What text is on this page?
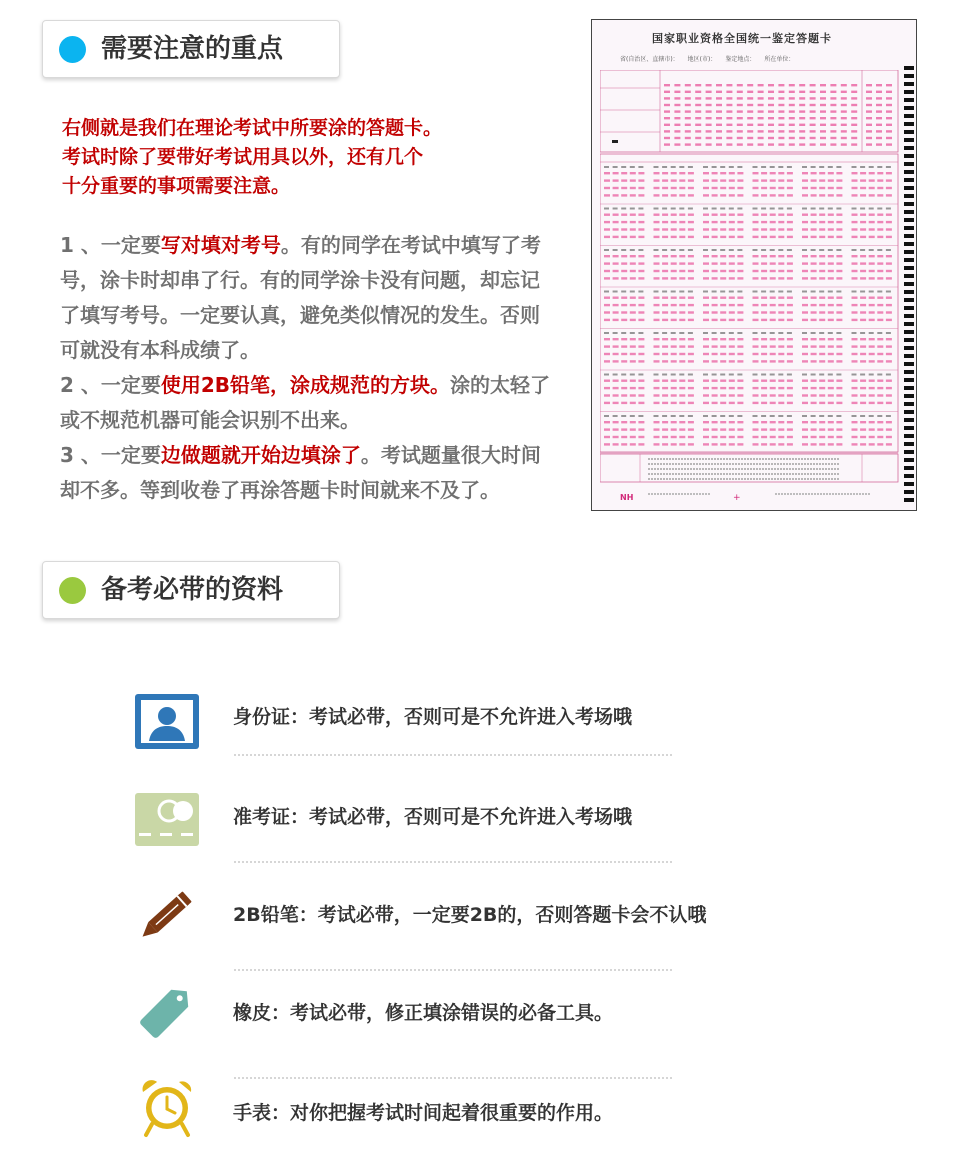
需要注意的重点
右侧就是我们在理论考试中所要涂的答题卡。
考试时除了要带好考试用具以外，还有几个
十分重要的事项需要注意。

1 、一定要写对填对考号。有的同学在考试中填写了考号，涂卡时却串了行。有的同学涂卡没有问题，却忘记了填写考号。一定要认真，避免类似情况的发生。否则可就没有本科成绩了。

2 、一定要使用2B铅笔，涂成规范的方块。涂的太轻了或不规范机器可能会识别不出来。

3 、一定要边做题就开始边填涂了。考试题量很大时间却不多。等到收卷了再涂答题卡时间就来不及了。

国家职业资格全国统一鉴定答题卡
省(自治区、直辖市)：　　地区(市)：　　鉴定地点：　　所在单位：
NH	+
备考必带的资料
身份证：考试必带，否则可是不允许进入考场哦
准考证：考试必带，否则可是不允许进入考场哦
2B铅笔：考试必带，一定要2B的，否则答题卡会不认哦
橡皮：考试必带，修正填涂错误的必备工具。
手表：对你把握考试时间起着很重要的作用。
